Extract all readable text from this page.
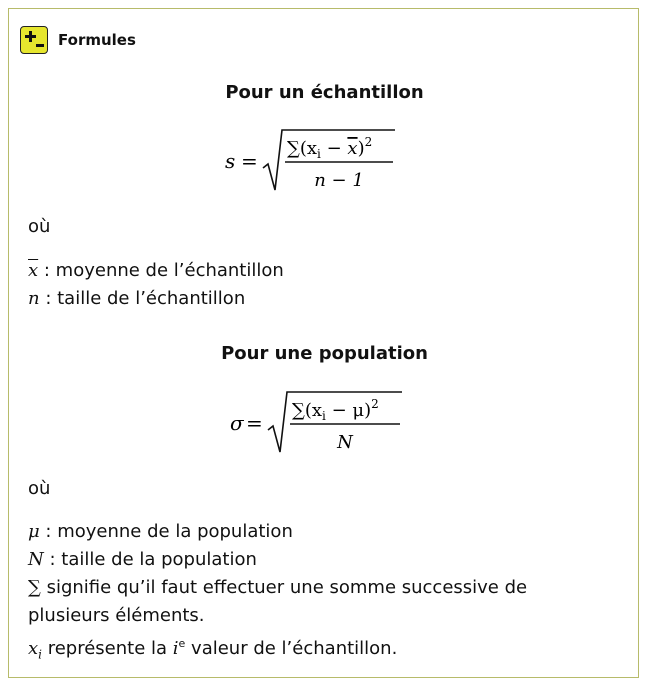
Formules
Pour un échantillon
s =
$\sum(x_i - x)^2$
n − 1
où
$\overline{x}$ : moyenne de l’échantillon
n : taille de l’échantillon
Pour une population
σ =
$\sum(x_i - \mu)^2$
N
où
μ : moyenne de la population
N : taille de la population
∑ signifie qu’il faut effectuer une somme successive de
plusieurs éléments.
$x_i$ représente la $i^e$ valeur de l’échantillon.
